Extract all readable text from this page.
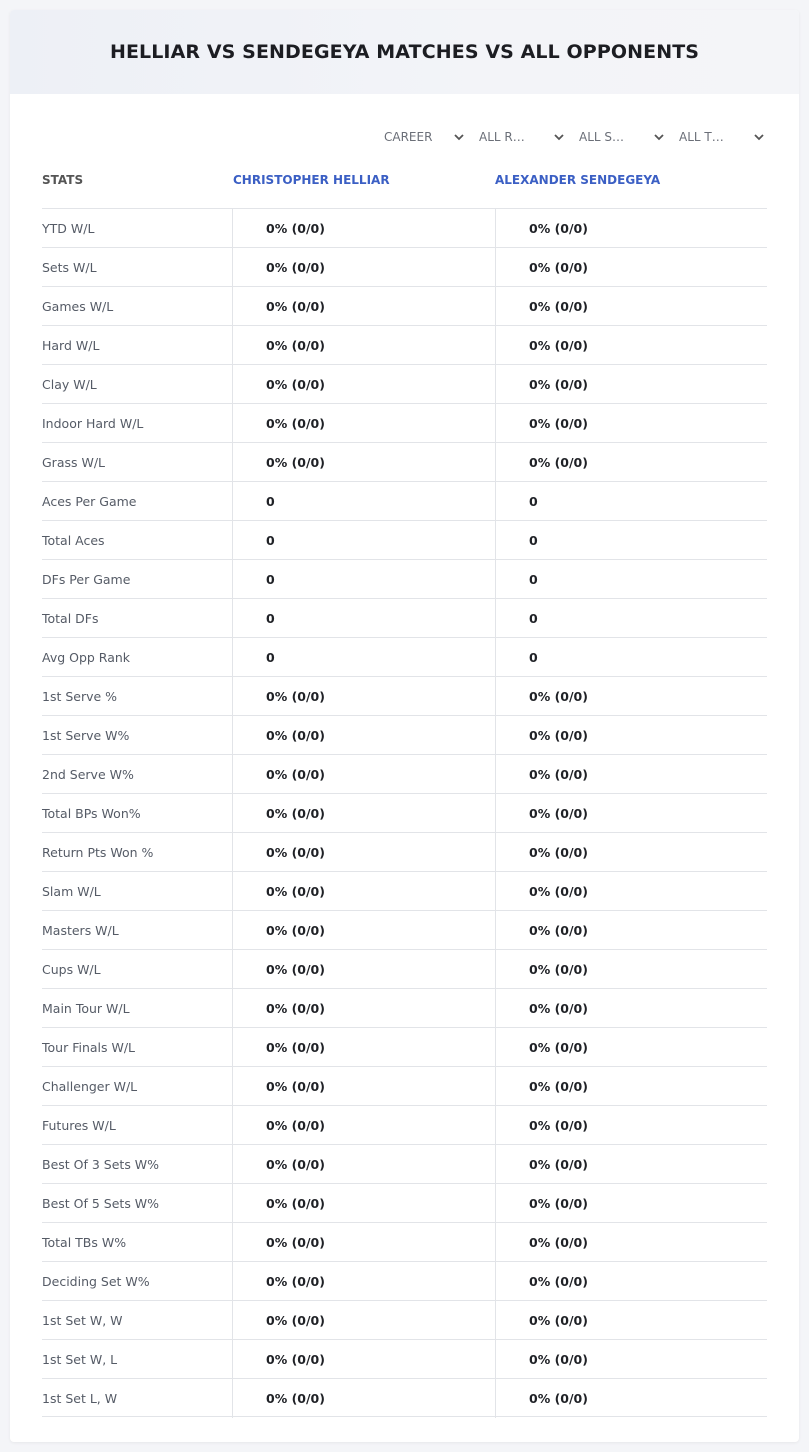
HELLIAR VS SENDEGEYA MATCHES VS ALL OPPONENTS
CAREER	ALL R…	ALL S…	ALL T…
STATS	CHRISTOPHER HELLIAR	ALEXANDER SENDEGEYA
YTD W/L	0% (0/0)	0% (0/0)
Sets W/L	0% (0/0)	0% (0/0)
Games W/L	0% (0/0)	0% (0/0)
Hard W/L	0% (0/0)	0% (0/0)
Clay W/L	0% (0/0)	0% (0/0)
Indoor Hard W/L	0% (0/0)	0% (0/0)
Grass W/L	0% (0/0)	0% (0/0)
Aces Per Game	0	0
Total Aces	0	0
DFs Per Game	0	0
Total DFs	0	0
Avg Opp Rank	0	0
1st Serve %	0% (0/0)	0% (0/0)
1st Serve W%	0% (0/0)	0% (0/0)
2nd Serve W%	0% (0/0)	0% (0/0)
Total BPs Won%	0% (0/0)	0% (0/0)
Return Pts Won %	0% (0/0)	0% (0/0)
Slam W/L	0% (0/0)	0% (0/0)
Masters W/L	0% (0/0)	0% (0/0)
Cups W/L	0% (0/0)	0% (0/0)
Main Tour W/L	0% (0/0)	0% (0/0)
Tour Finals W/L	0% (0/0)	0% (0/0)
Challenger W/L	0% (0/0)	0% (0/0)
Futures W/L	0% (0/0)	0% (0/0)
Best Of 3 Sets W%	0% (0/0)	0% (0/0)
Best Of 5 Sets W%	0% (0/0)	0% (0/0)
Total TBs W%	0% (0/0)	0% (0/0)
Deciding Set W%	0% (0/0)	0% (0/0)
1st Set W, W	0% (0/0)	0% (0/0)
1st Set W, L	0% (0/0)	0% (0/0)
1st Set L, W	0% (0/0)	0% (0/0)
